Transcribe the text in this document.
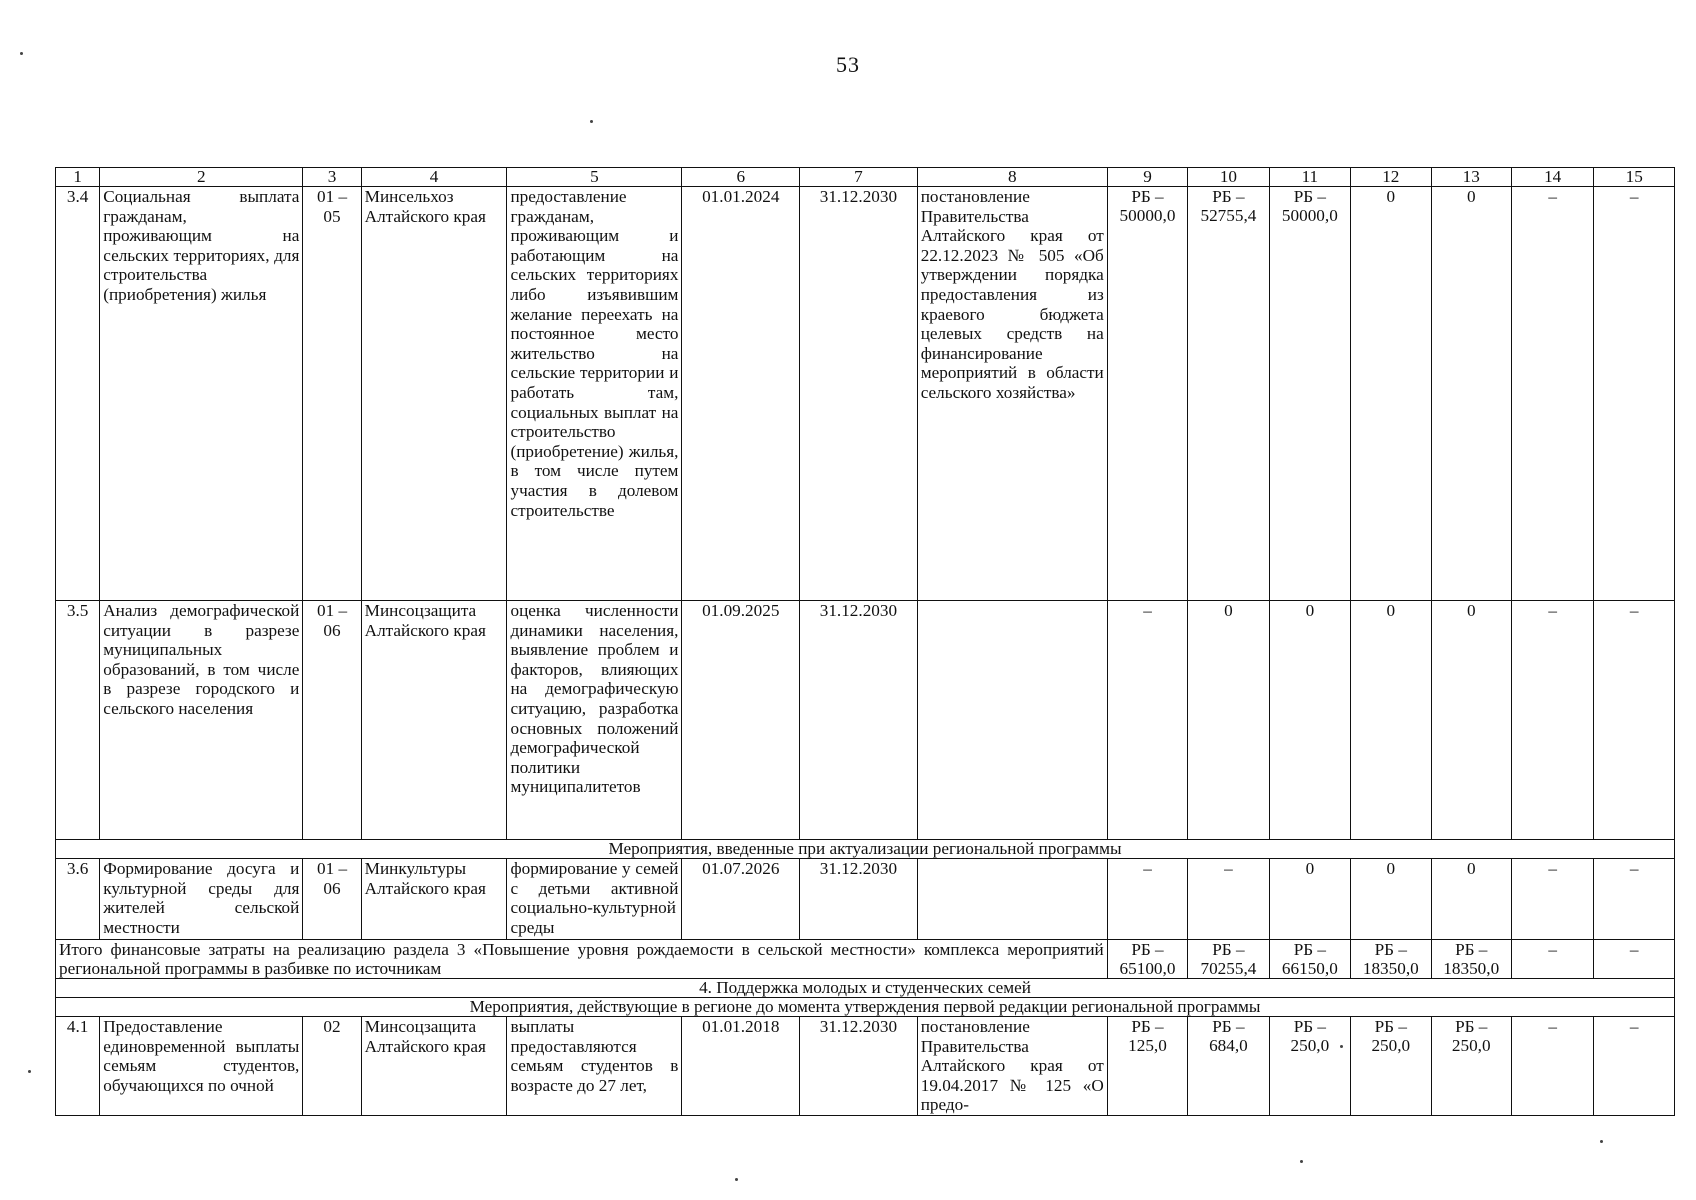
53
1	2	3	4	5	6	7	8	9	10	11	12	13	14	15
3.4	Социальная выплата гражданам, проживающим на сельских территориях, для строительства (приобретения) жилья	01 – 05	Минсельхоз Алтайского края	предоставление гражданам, проживающим и работающим на сельских территориях либо изъявившим желание переехать на постоянное место жительство на сельские территории и работать там, социальных выплат на строительство (приобретение) жилья, в том числе путем участия в долевом строительстве	01.01.2024	31.12.2030	постановление Правительства Алтайского края от 22.12.2023 № 505 «Об утверждении порядка предоставления из краевого бюджета целевых средств на финансирование мероприятий в области сельского хозяйства»	РБ – 50000,0	РБ – 52755,4	РБ – 50000,0	0	0	–	–
3.5	Анализ демографической ситуации в разрезе муниципальных образований, в том числе в разрезе городского и сельского населения	01 – 06	Минсоцзащита Алтайского края	оценка численности динамики населения, выявление проблем и факторов, влияющих на демографическую ситуацию, разработка основных положений демографической политики муниципалитетов	01.09.2025	31.12.2030		–	0	0	0	0	–	–
Мероприятия, введенные при актуализации региональной программы														
3.6	Формирование досуга и культурной среды для жителей сельской местности	01 – 06	Минкультуры Алтайского края	формирование у семей с детьми активной социально-культурной среды	01.07.2026	31.12.2030		–	–	0	0	0	–	–
Итого финансовые затраты на реализацию раздела 3 «Повышение уровня рождаемости в сельской местности» комплекса мероприятий региональной программы в разбивке по источникам								РБ – 65100,0	РБ – 70255,4	РБ – 66150,0	РБ – 18350,0	РБ – 18350,0	–	–
4. Поддержка молодых и студенческих семей														
Мероприятия, действующие в регионе до момента утверждения первой редакции региональной программы														
4.1	Предоставление единовременной выплаты семьям студентов, обучающихся по очной	02	Минсоцзащита Алтайского края	выплаты предоставляются семьям студентов в возрасте до 27 лет,	01.01.2018	31.12.2030	постановление Правительства Алтайского края от 19.04.2017 № 125 «О предо-	РБ – 125,0	РБ – 684,0	РБ – 250,0	РБ – 250,0	РБ – 250,0	–	–
